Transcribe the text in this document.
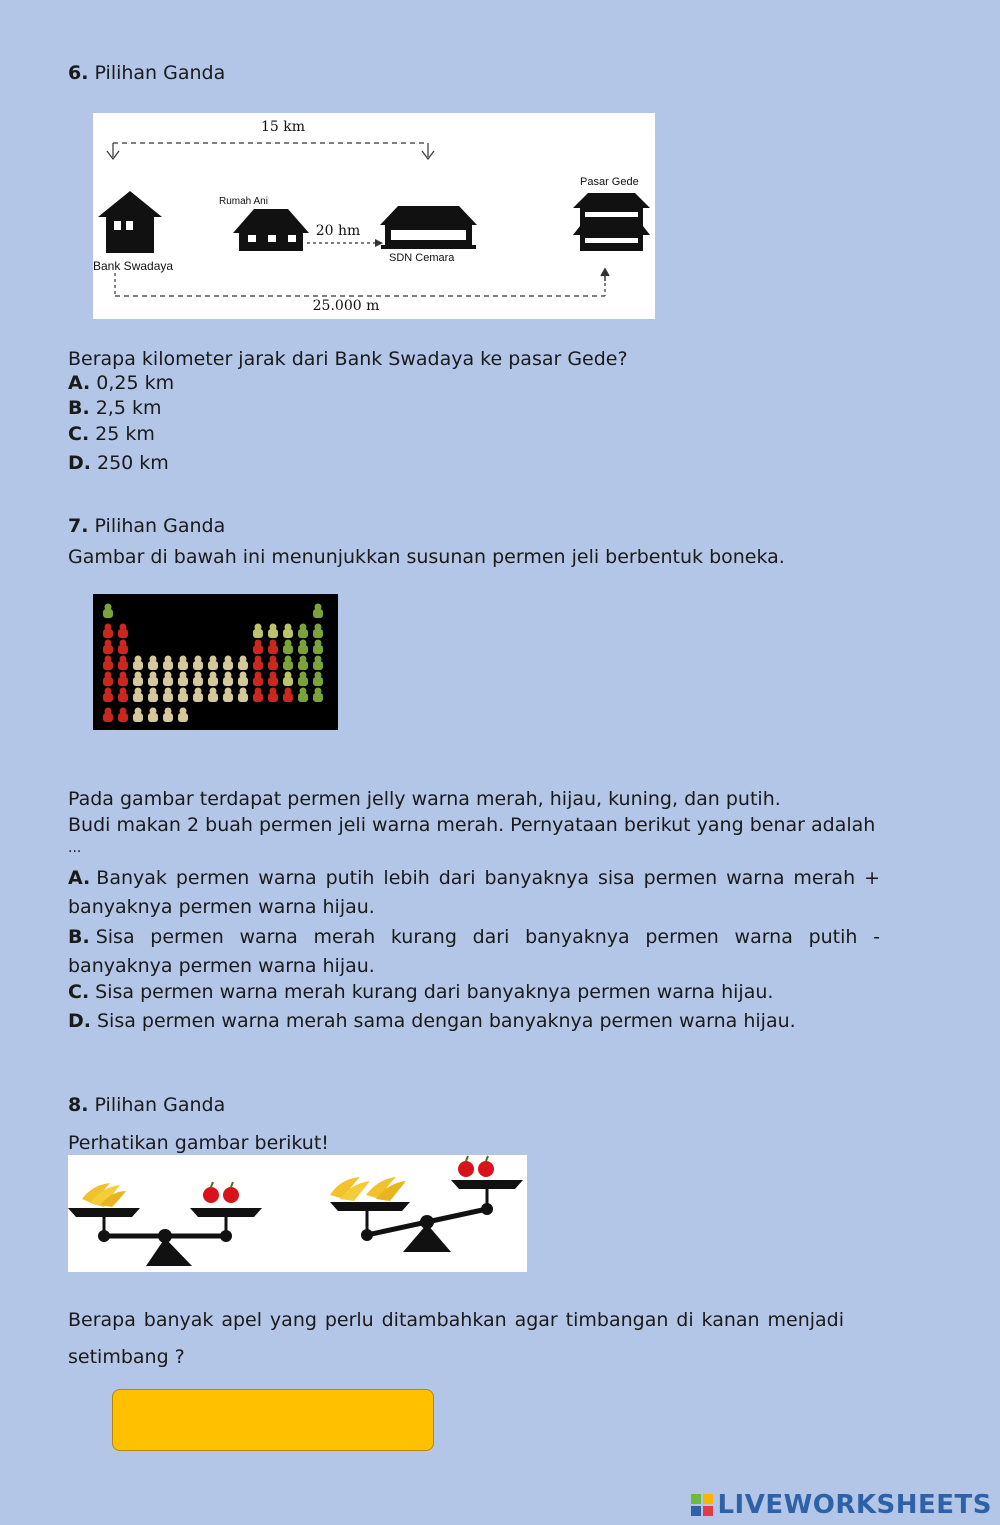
6. Pilihan Ganda
15 km
Bank Swadaya
Rumah Ani
20 hm
SDN Cemara
Pasar Gede
25.000 m
Berapa kilometer jarak dari Bank Swadaya ke pasar Gede?
A. 0,25 km
B. 2,5 km
C. 25 km
D. 250 km
7. Pilihan Ganda
Gambar di bawah ini menunjukkan susunan permen jeli berbentuk boneka.
Pada gambar terdapat permen jelly warna merah, hijau, kuning, dan putih.
Budi makan 2 buah permen jeli warna merah. Pernyataan berikut yang benar adalah
...
A. Banyak permen warna putih lebih dari banyaknya sisa permen warna merah + banyaknya permen warna hijau.
B. Sisa permen warna merah kurang dari banyaknya permen warna putih -banyaknya permen warna hijau.
C. Sisa permen warna merah kurang dari banyaknya permen warna hijau.
D. Sisa permen warna merah sama dengan banyaknya permen warna hijau.
8. Pilihan Ganda
Perhatikan gambar berikut!
Berapa banyak apel yang perlu ditambahkan agar timbangan di kanan menjadi setimbang ?
LIVEWORKSHEETS
